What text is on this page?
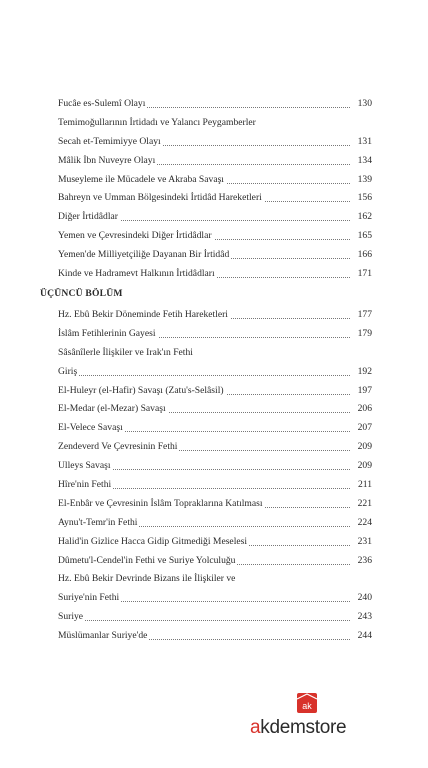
Fucâe es-Sulemî Olayı	130
Temimoğullarının İrtidadı ve Yalancı Peygamberler
Secah et-Temimiyye Olayı	131
Mâlik İbn Nuveyre Olayı	134
Museyleme ile Mücadele ve Akraba Savaşı	139
Bahreyn ve Umman Bölgesindeki İrtidâd Hareketleri	156
Diğer İrtidâdlar	162
Yemen ve Çevresindeki Diğer İrtidâdlar	165
Yemen'de Milliyetçiliğe Dayanan Bir İrtidâd	166
Kinde ve Hadramevt Halkının İrtidâdları	171
ÜÇÜNCÜ BÖLÜM
Hz. Ebû Bekir Döneminde Fetih Hareketleri	177
İslâm Fetihlerinin Gayesi	179
Sâsânîlerle İlişkiler ve Irak'ın Fethi
Giriş	192
El-Huleyr (el-Hafir) Savaşı (Zatu's-Selâsil)	197
El-Medar (el-Mezar) Savaşı	206
El-Velece Savaşı	207
Zendeverd Ve Çevresinin Fethi	209
Ulleys Savaşı	209
Hîre'nin Fethi	211
El-Enbâr ve Çevresinin İslâm Topraklarına Katılması	221
Aynu't-Temr'in Fethi	224
Halid'in Gizlice Hacca Gidip Gitmediği Meselesi	231
Dûmetu'l-Cendel'in Fethi ve Suriye Yolculuğu	236
Hz. Ebû Bekir Devrinde Bizans ile İlişkiler ve
Suriye'nin Fethi	240
Suriye	243
Müslümanlar Suriye'de	244
ak
akdemstore
